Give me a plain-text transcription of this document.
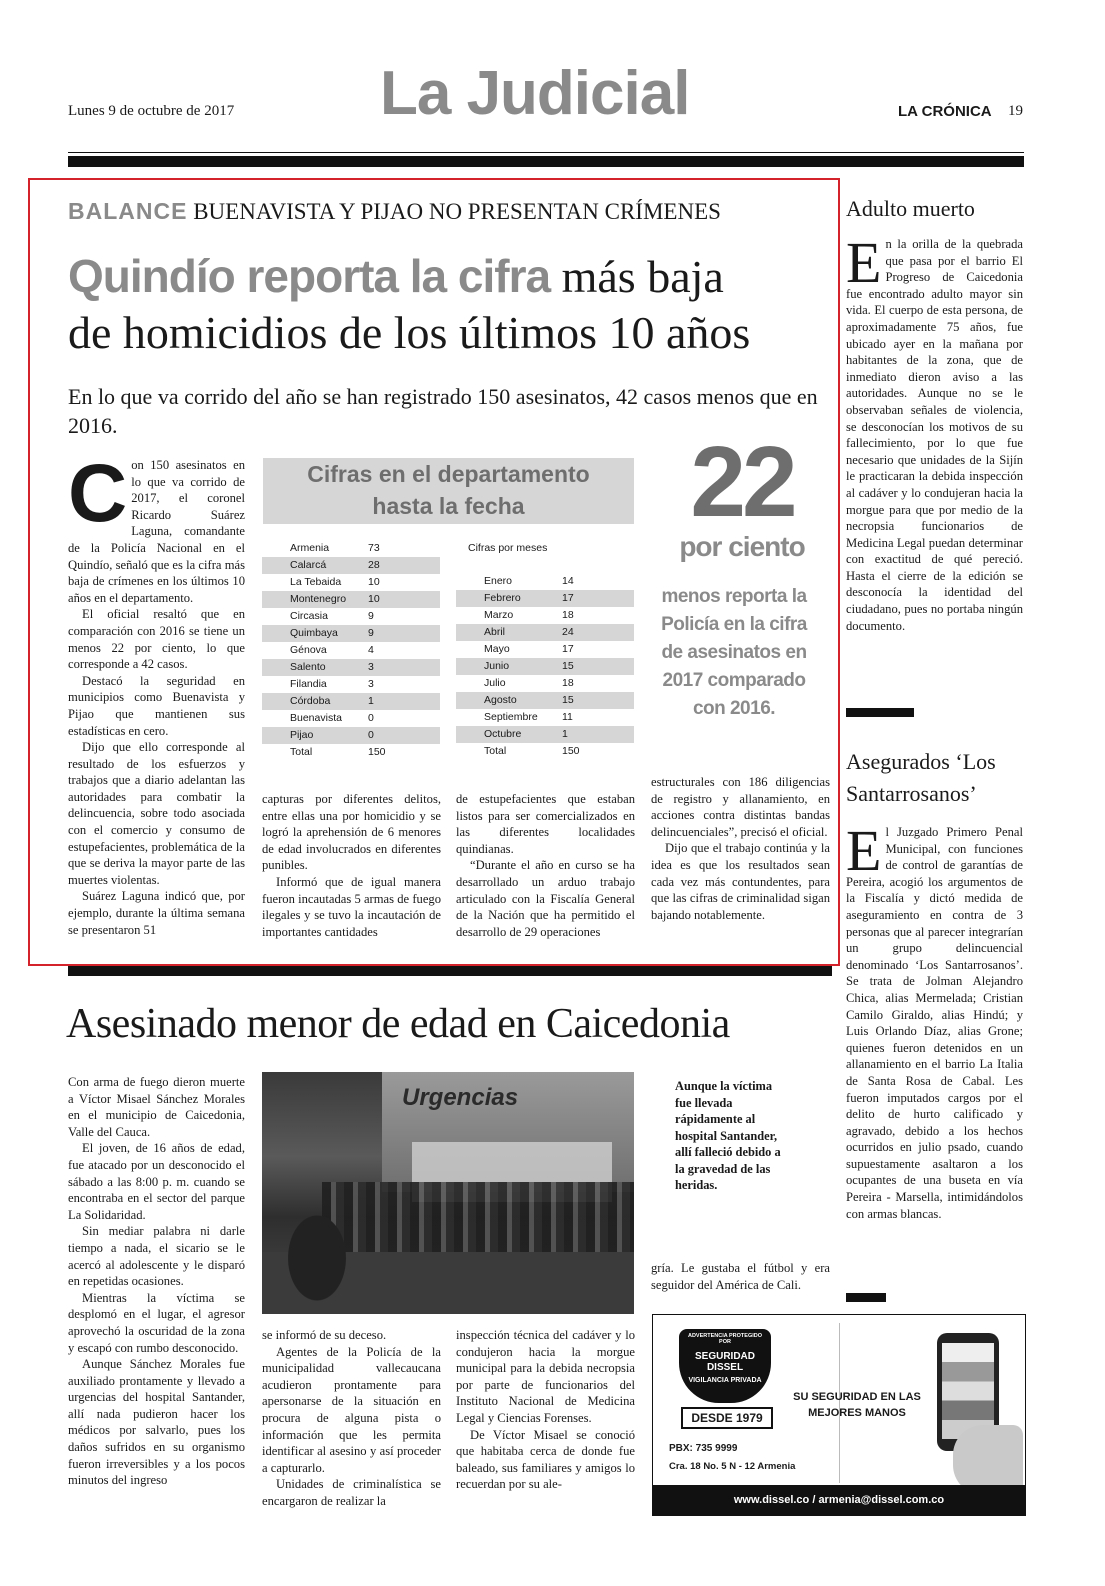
Lunes 9 de octubre de 2017 La Judicial	LA CRÓNICA 19
BALANCE BUENAVISTA Y PIJAO NO PRESENTAN CRÍMENES
Quindío reporta la cifra más baja
de homicidios de los últimos 10 años
En lo que va corrido del año se han registrado 150 asesinatos, 42 casos menos que en 2016.
C on 150 asesinatos en lo que va corrido de 2017, el coronel Ricardo Suárez Laguna, comandante de la Policía Nacional en el Quindío, señaló que es la cifra más baja de crímenes en los últimos 10 años en el departamento.

El oficial resaltó que en comparación con 2016 se tiene un menos 22 por ciento, lo que corresponde a 42 casos.

Destacó la seguridad en municipios como Buenavista y Pijao que mantienen sus estadísticas en cero.

Dijo que ello corresponde al resultado de los esfuerzos y trabajos que a diario adelantan las autoridades para combatir la delincuencia, sobre todo asociada con el comercio y consumo de estupefacientes, problemática de la que se deriva la mayor parte de las muertes violentas.

Suárez Laguna indicó que, por ejemplo, durante la última semana se presentaron 51

Cifras en el departamento
hasta la fecha
Armenia	73
Calarcá	28
La Tebaida	10
Montenegro	10
Circasia	9
Quimbaya	9
Génova	4
Salento	3
Filandia	3
Córdoba	1
Buenavista	0
Pijao	0
Total	150
Cifras por meses
Enero	14
Febrero	17
Marzo	18
Abril	24
Mayo	17
Junio	15
Julio	18
Agosto	15
Septiembre	11
Octubre	1
Total	150
22
por ciento
menos reporta la Policía en la cifra de asesinatos en 2017 comparado con 2016.

capturas por diferentes delitos, entre ellas una por homicidio y se logró la aprehensión de 6 menores de edad involucrados en diferentes punibles.

Informó que de igual manera fueron incautadas 5 armas de fuego ilegales y se tuvo la incautación de importantes cantidades

de estupefacientes que estaban listos para ser comercializados en las diferentes localidades quindianas.

“Durante el año en curso se ha desarrollado un arduo trabajo articulado con la Fiscalía General de la Nación que ha permitido el desarrollo de 29 operaciones

estructurales con 186 diligencias de registro y allanamiento, en acciones contra distintas bandas delincuenciales”, precisó el oficial.

Dijo que el trabajo continúa y la idea es que los resultados sean cada vez más contundentes, para que las cifras de criminalidad sigan bajando notablemente.

Adulto muerto
E n la orilla de la quebrada que pasa por el barrio El Progreso de Caicedonia fue encontrado adulto mayor sin vida. El cuerpo de esta persona, de aproximadamente 75 años, fue ubicado ayer en la mañana por habitantes de la zona, que de inmediato dieron aviso a las autoridades. Aunque no se le observaban señales de violencia, se desconocían los motivos de su fallecimiento, por lo que fue necesario que unidades de la Sijín le practicaran la debida inspección al cadáver y lo condujeran hacia la morgue para que por medio de la necropsia funcionarios de Medicina Legal puedan determinar con exactitud de qué pereció. Hasta el cierre de la edición se desconocía la identidad del ciudadano, pues no portaba ningún documento.

Asegurados ‘Los Santarrosanos’
E l Juzgado Primero Penal Municipal, con funciones de control de garantías de Pereira, acogió los argumentos de la Fiscalía y dictó medida de aseguramiento en contra de 3 personas que al parecer integrarían un grupo delincuencial denominado ‘Los Santarrosanos’. Se trata de Jolman Alejandro Chica, alias Mermelada; Cristian Camilo Giraldo, alias Hindú; y Luis Orlando Díaz, alias Grone; quienes fueron detenidos en un allanamiento en el barrio La Italia de Santa Rosa de Cabal. Les fueron imputados cargos por el delito de hurto calificado y agravado, debido a los hechos ocurridos en julio psado, cuando supuestamente asaltaron a los ocupantes de una buseta en vía Pereira - Marsella, intimidándolos con armas blancas.

Asesinado menor de edad en Caicedonia

Con arma de fuego dieron muerte a Víctor Misael Sánchez Morales en el municipio de Caicedonia, Valle del Cauca.

El joven, de 16 años de edad, fue atacado por un desconocido el sábado a las 8:00 p. m. cuando se encontraba en el sector del parque La Solidaridad.

Sin mediar palabra ni darle tiempo a nada, el sicario se le acercó al adolescente y le disparó en repetidas ocasiones.

Mientras la víctima se desplomó en el lugar, el agresor aprovechó la oscuridad de la zona y escapó con rumbo desconocido.

Aunque Sánchez Morales fue auxiliado prontamente y llevado a urgencias del hospital Santander, allí nada pudieron hacer los médicos por salvarlo, pues los daños sufridos en su organismo fueron irreversibles y a los pocos minutos del ingreso

Urgencias	Aunque la víctima fue llevada rápidamente al hospital Santander, allí falleció debido a la gravedad de las heridas.

se informó de su deceso.

Agentes de la Policía de la municipalidad vallecaucana acudieron prontamente para apersonarse de la situación en procura de alguna pista o información que les permita identificar al asesino y así proceder a capturarlo.

Unidades de criminalística se encargaron de realizar la

inspección técnica del cadáver y lo condujeron hacia la morgue municipal para la debida necropsia por parte de funcionarios del Instituto Nacional de Medicina Legal y Ciencias Forenses.

De Víctor Misael se conoció que habitaba cerca de donde fue baleado, sus familiares y amigos lo recuerdan por su ale-

gría. Le gustaba el fútbol y era seguidor del América de Cali.

ADVERTENCIA PROTEGIDO POR
SEGURIDAD DISSEL
VIGILANCIA PRIVADA
DESDE 1979
PBX: 735 9999
Cra. 18 No. 5 N - 12 Armenia
SU SEGURIDAD EN LAS
MEJORES MANOS
www.dissel.co / armenia@dissel.com.co
